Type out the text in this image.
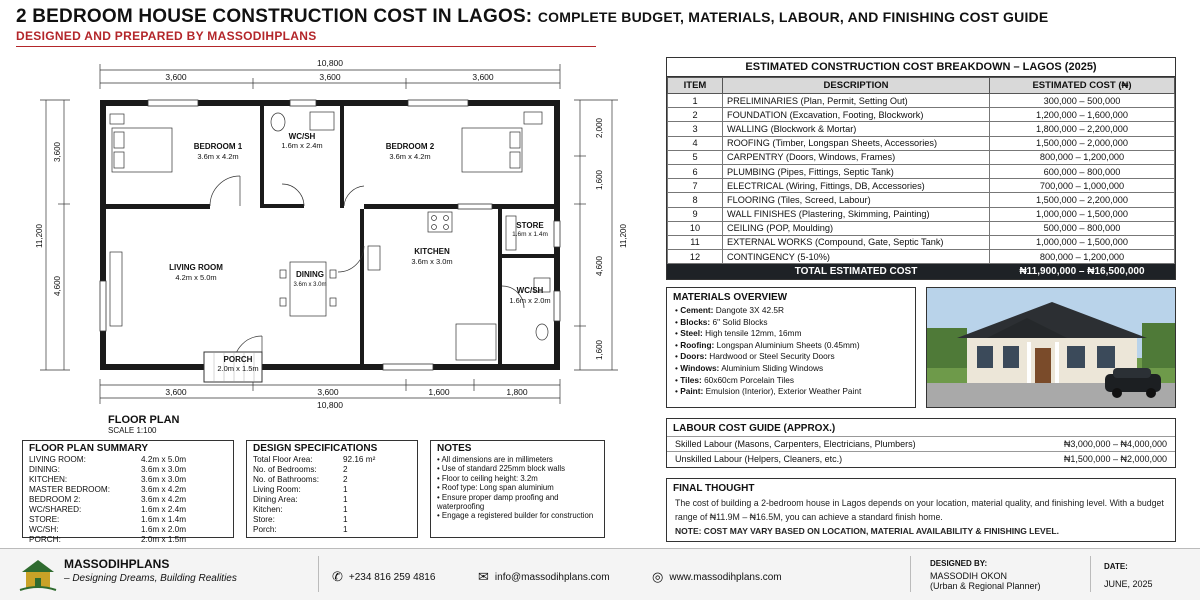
2 BEDROOM HOUSE CONSTRUCTION COST IN LAGOS: COMPLETE BUDGET, MATERIALS, LABOUR, AND FINISHING COST GUIDE
DESIGNED AND PREPARED BY MASSODIHPLANS
10,800
3,600	3,600	3,600
3,600	3,600	1,600	1,800
10,800
11,200
3,600
4,600
11,200
2,000
1,600
4,600
1,600
BEDROOM 1
WC/SH
BEDROOM 2
STORE
KITCHEN
LIVING ROOM
DINING
WC/SH
PORCH
3.6m x 4.2m
1.6m x 2.4m
3.6m x 4.2m
1.6m x 1.4m
3.6m x 3.0m
4.2m x 5.0m
3.6m x 3.0m
1.6m x 2.0m
2.0m x 1.5m
FLOOR PLAN
SCALE 1:100
FLOOR PLAN SUMMARY
LIVING ROOM:	4.2m x 5.0m
DINING:	3.6m x 3.0m
KITCHEN:	3.6m x 3.0m
MASTER BEDROOM:	3.6m x 4.2m
BEDROOM 2:	3.6m x 4.2m
WC/SHARED:	1.6m x 2.4m
STORE:	1.6m x 1.4m
WC/SH:	1.6m x 2.0m
PORCH:	2.0m x 1.5m
DESIGN SPECIFICATIONS
Total Floor Area:	92.16 m²
No. of Bedrooms:	2
No. of Bathrooms:	2
Living Room:	1
Dining Area:	1
Kitchen:	1
Store:	1
Porch:	1
NOTES
• All dimensions are in millimeters
• Use of standard 225mm block walls
• Floor to ceiling height: 3.2m
• Roof type: Long span aluminium
• Ensure proper damp proofing and waterproofing
• Engage a registered builder for construction
ESTIMATED CONSTRUCTION COST BREAKDOWN – LAGOS (2025)
ITEM	DESCRIPTION	ESTIMATED COST (₦)
1	PRELIMINARIES (Plan, Permit, Setting Out)	300,000 – 500,000
2	FOUNDATION (Excavation, Footing, Blockwork)	1,200,000 – 1,600,000
3	WALLING (Blockwork & Mortar)	1,800,000 – 2,200,000
4	ROOFING (Timber, Longspan Sheets, Accessories)	1,500,000 – 2,000,000
5	CARPENTRY (Doors, Windows, Frames)	800,000 – 1,200,000
6	PLUMBING (Pipes, Fittings, Septic Tank)	600,000 – 800,000
7	ELECTRICAL (Wiring, Fittings, DB, Accessories)	700,000 – 1,000,000
8	FLOORING (Tiles, Screed, Labour)	1,500,000 – 2,200,000
9	WALL FINISHES (Plastering, Skimming, Painting)	1,000,000 – 1,500,000
10	CEILING (POP, Moulding)	500,000 – 800,000
11	EXTERNAL WORKS (Compound, Gate, Septic Tank)	1,000,000 – 1,500,000
12	CONTINGENCY (5-10%)	800,000 – 1,200,000
	TOTAL ESTIMATED COST	₦11,900,000 – ₦16,500,000
MATERIALS OVERVIEW
• Cement: Dangote 3X 42.5R
• Blocks: 6" Solid Blocks
• Steel: High tensile 12mm, 16mm
• Roofing: Longspan Aluminium Sheets (0.45mm)
• Doors: Hardwood or Steel Security Doors
• Windows: Aluminium Sliding Windows
• Tiles: 60x60cm Porcelain Tiles
• Paint: Emulsion (Interior), Exterior Weather Paint
LABOUR COST GUIDE (APPROX.)
Skilled Labour (Masons, Carpenters, Electricians, Plumbers)	₦3,000,000 – ₦4,000,000
Unskilled Labour (Helpers, Cleaners, etc.)	₦1,500,000 – ₦2,000,000
FINAL THOUGHT

The cost of building a 2-bedroom house in Lagos depends on your location, material quality, and finishing level. With a budget range of ₦11.9M – ₦16.5M, you can achieve a standard finish home.

NOTE: COST MAY VARY BASED ON LOCATION, MATERIAL AVAILABILITY & FINISHING LEVEL.

MASSODIHPLANS
– Designing Dreams, Building Realities	✆ +234 816 259 4816	✉ info@massodihplans.com	◎ www.massodihplans.com
DESIGNED BY:
MASSODIH OKON
(Urban & Regional Planner)
DATE:
JUNE, 2025
